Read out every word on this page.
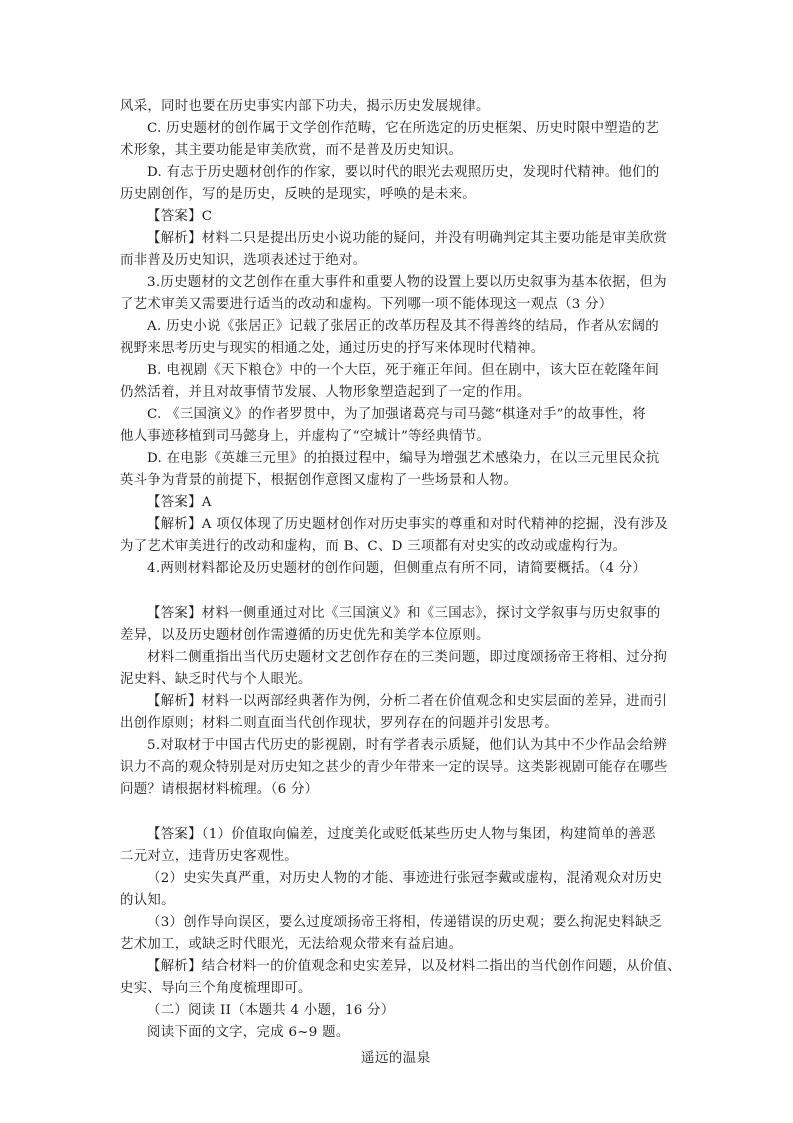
风采，同时也要在历史事实内部下功夫，揭示历史发展规律。
C. 历史题材的创作属于文学创作范畴，它在所选定的历史框架、历史时限中塑造的艺
术形象，其主要功能是审美欣赏，而不是普及历史知识。
D. 有志于历史题材创作的作家，要以时代的眼光去观照历史，发现时代精神。他们的
历史剧创作，写的是历史，反映的是现实，呼唤的是未来。
【答案】C
【解析】材料二只是提出历史小说功能的疑问，并没有明确判定其主要功能是审美欣赏
而非普及历史知识，选项表述过于绝对。
3.历史题材的文艺创作在重大事件和重要人物的设置上要以历史叙事为基本依据，但为
了艺术审美又需要进行适当的改动和虚构。下列哪一项不能体现这一观点（3 分）
A. 历史小说《张居正》记载了张居正的改革历程及其不得善终的结局，作者从宏阔的
视野来思考历史与现实的相通之处，通过历史的抒写来体现时代精神。
B. 电视剧《天下粮仓》中的一个大臣，死于雍正年间。但在剧中，该大臣在乾隆年间
仍然活着，并且对故事情节发展、人物形象塑造起到了一定的作用。
C. 《三国演义》的作者罗贯中，为了加强诸葛亮与司马懿“棋逢对手”的故事性，将
他人事迹移植到司马懿身上，并虚构了“空城计”等经典情节。
D. 在电影《英雄三元里》的拍摄过程中，编导为增强艺术感染力，在以三元里民众抗
英斗争为背景的前提下，根据创作意图又虚构了一些场景和人物。
【答案】A
【解析】A 项仅体现了历史题材创作对历史事实的尊重和对时代精神的挖掘，没有涉及
为了艺术审美进行的改动和虚构，而 B、C、D 三项都有对史实的改动或虚构行为。
4.两则材料都论及历史题材的创作问题，但侧重点有所不同，请简要概括。（4 分）
【答案】材料一侧重通过对比《三国演义》和《三国志》，探讨文学叙事与历史叙事的
差异，以及历史题材创作需遵循的历史优先和美学本位原则。
材料二侧重指出当代历史题材文艺创作存在的三类问题，即过度颂扬帝王将相、过分拘
泥史料、缺乏时代与个人眼光。
【解析】材料一以两部经典著作为例，分析二者在价值观念和史实层面的差异，进而引
出创作原则；材料二则直面当代创作现状，罗列存在的问题并引发思考。
5.对取材于中国古代历史的影视剧，时有学者表示质疑，他们认为其中不少作品会给辨
识力不高的观众特别是对历史知之甚少的青少年带来一定的误导。这类影视剧可能存在哪些
问题？请根据材料梳理。（6 分）
【答案】（1）价值取向偏差，过度美化或贬低某些历史人物与集团，构建简单的善恶
二元对立，违背历史客观性。
（2）史实失真严重，对历史人物的才能、事迹进行张冠李戴或虚构，混淆观众对历史
的认知。
（3）创作导向误区，要么过度颂扬帝王将相，传递错误的历史观；要么拘泥史料缺乏
艺术加工，或缺乏时代眼光，无法给观众带来有益启迪。
【解析】结合材料一的价值观念和史实差异，以及材料二指出的当代创作问题，从价值、
史实、导向三个角度梳理即可。
（二）阅读 II（本题共 4 小题，16 分）
阅读下面的文字，完成 6~9 题。
遥远的温泉
